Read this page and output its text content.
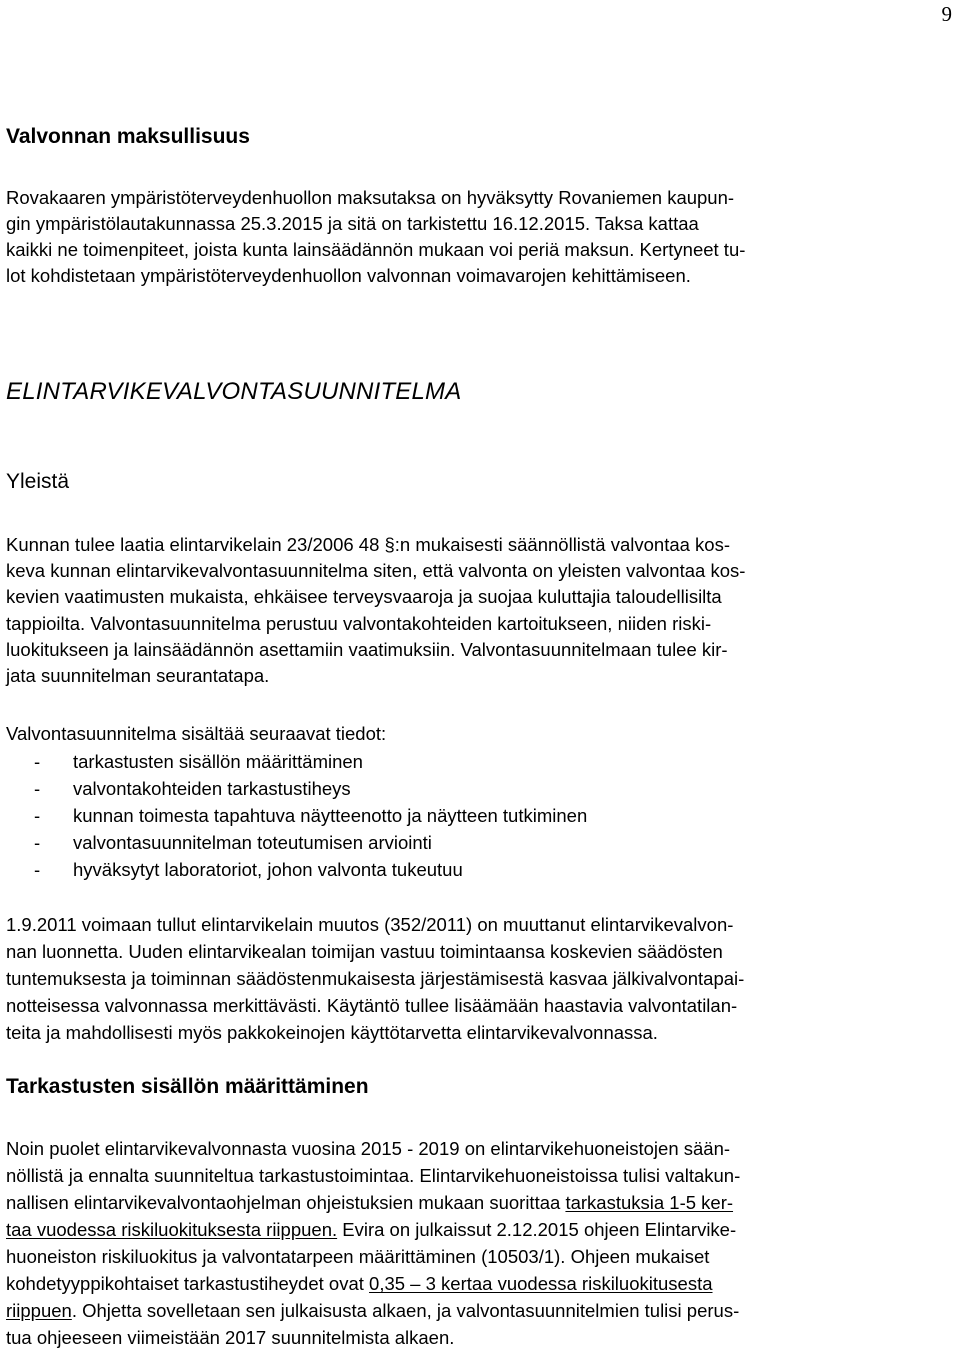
9
Valvonnan maksullisuus
Rovakaaren ympäristöterveydenhuollon maksutaksa on hyväksytty Rovaniemen kaupun-
gin ympäristölautakunnassa 25.3.2015 ja sitä on tarkistettu 16.12.2015. Taksa kattaa
kaikki ne toimenpiteet, joista kunta lainsäädännön mukaan voi periä maksun. Kertyneet tu-
lot kohdistetaan ympäristöterveydenhuollon valvonnan voimavarojen kehittämiseen.
ELINTARVIKEVALVONTASUUNNITELMA
Yleistä
Kunnan tulee laatia elintarvikelain 23/2006 48 §:n mukaisesti säännöllistä valvontaa kos-
keva kunnan elintarvikevalvontasuunnitelma siten, että valvonta on yleisten valvontaa kos-
kevien vaatimusten mukaista, ehkäisee terveysvaaroja ja suojaa kuluttajia taloudellisilta
tappioilta. Valvontasuunnitelma perustuu valvontakohteiden kartoitukseen, niiden riski-
luokitukseen ja lainsäädännön asettamiin vaatimuksiin. Valvontasuunnitelmaan tulee kir-
jata suunnitelman seurantatapa.
Valvontasuunnitelma sisältää seuraavat tiedot:
- tarkastusten sisällön määrittäminen
- valvontakohteiden tarkastustiheys
- kunnan toimesta tapahtuva näytteenotto ja näytteen tutkiminen
- valvontasuunnitelman toteutumisen arviointi
- hyväksytyt laboratoriot, johon valvonta tukeutuu
1.9.2011 voimaan tullut elintarvikelain muutos (352/2011) on muuttanut elintarvikevalvon-
nan luonnetta. Uuden elintarvikealan toimijan vastuu toimintaansa koskevien säädösten
tuntemuksesta ja toiminnan säädöstenmukaisesta järjestämisestä kasvaa jälkivalvontapai-
notteisessa valvonnassa merkittävästi. Käytäntö tullee lisäämään haastavia valvontatilan-
teita ja mahdollisesti myös pakkokeinojen käyttötarvetta elintarvikevalvonnassa.
Tarkastusten sisällön määrittäminen
Noin puolet elintarvikevalvonnasta vuosina 2015 - 2019 on elintarvikehuoneistojen sään-
nöllistä ja ennalta suunniteltua tarkastustoimintaa. Elintarvikehuoneistoissa tulisi valtakun-
nallisen elintarvikevalvontaohjelman ohjeistuksien mukaan suorittaa tarkastuksia 1-5 ker-
taa vuodessa riskiluokituksesta riippuen. Evira on julkaissut 2.12.2015 ohjeen Elintarvike-
huoneiston riskiluokitus ja valvontatarpeen määrittäminen (10503/1). Ohjeen mukaiset
kohdetyyppikohtaiset tarkastustiheydet ovat 0,35 – 3 kertaa vuodessa riskiluokitusesta
riippuen. Ohjetta sovelletaan sen julkaisusta alkaen, ja valvontasuunnitelmien tulisi perus-
tua ohjeeseen viimeistään 2017 suunnitelmista alkaen.
